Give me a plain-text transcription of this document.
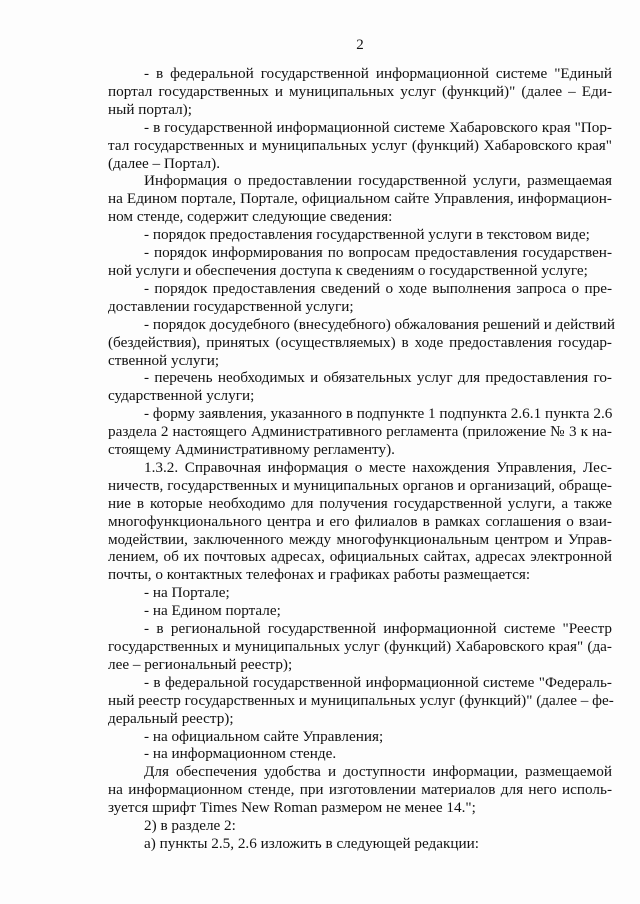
2
- в федеральной государственной информационной системе "Единый
портал государственных и муниципальных услуг (функций)" (далее – Еди-
ный портал);
- в государственной информационной системе Хабаровского края "Пор-
тал государственных и муниципальных услуг (функций) Хабаровского края"
(далее – Портал).
Информация о предоставлении государственной услуги, размещаемая
на Едином портале, Портале, официальном сайте Управления, информацион-
ном стенде, содержит следующие сведения:
- порядок предоставления государственной услуги в текстовом виде;
- порядок информирования по вопросам предоставления государствен-
ной услуги и обеспечения доступа к сведениям о государственной услуге;
- порядок предоставления сведений о ходе выполнения запроса о пре-
доставлении государственной услуги;
- порядок досудебного (внесудебного) обжалования решений и действий
(бездействия), принятых (осуществляемых) в ходе предоставления государ-
ственной услуги;
- перечень необходимых и обязательных услуг для предоставления го-
сударственной услуги;
- форму заявления, указанного в подпункте 1 подпункта 2.6.1 пункта 2.6
раздела 2 настоящего Административного регламента (приложение № 3 к на-
стоящему Административному регламенту).
1.3.2. Справочная информация о месте нахождения Управления, Лес-
ничеств, государственных и муниципальных органов и организаций, обраще-
ние в которые необходимо для получения государственной услуги, а также
многофункционального центра и его филиалов в рамках соглашения о взаи-
модействии, заключенного между многофункциональным центром и Управ-
лением, об их почтовых адресах, официальных сайтах, адресах электронной
почты, о контактных телефонах и графиках работы размещается:
- на Портале;
- на Едином портале;
- в региональной государственной информационной системе "Реестр
государственных и муниципальных услуг (функций) Хабаровского края" (да-
лее – региональный реестр);
- в федеральной государственной информационной системе "Федераль-
ный реестр государственных и муниципальных услуг (функций)" (далее – фе-
деральный реестр);
- на официальном сайте Управления;
- на информационном стенде.
Для обеспечения удобства и доступности информации, размещаемой
на информационном стенде, при изготовлении материалов для него исполь-
зуется шрифт Times New Roman размером не менее 14.";
2) в разделе 2:
а) пункты 2.5, 2.6 изложить в следующей редакции:
